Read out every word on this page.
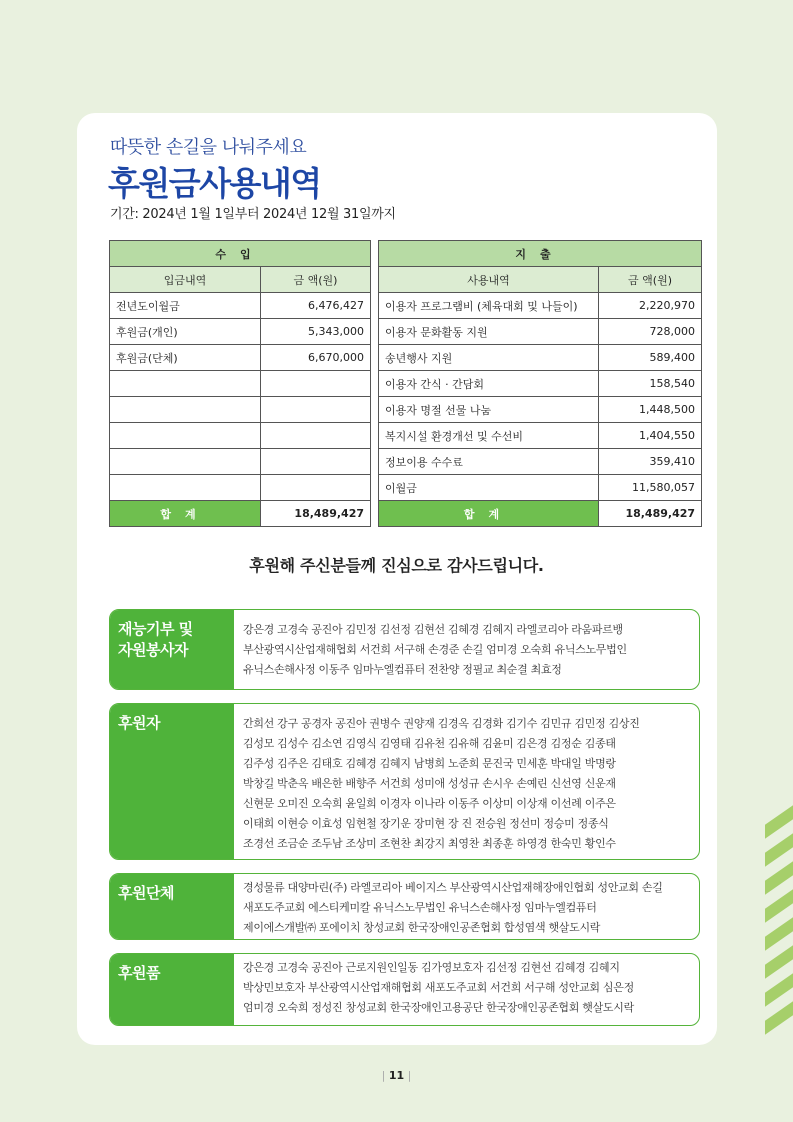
따뜻한 손길을 나눠주세요
후원금사용내역
기간: 2024년 1월 1일부터 2024년 12월 31일까지
수입			지출	
입금내역	금 액(원)		사용내역	금 액(원)
전년도이월금	6,476,427		이용자 프로그램비 (체육대회 및 나들이)	2,220,970
후원금(개인)	5,343,000		이용자 문화활동 지원	728,000
후원금(단체)	6,670,000		송년행사 지원	589,400
			이용자 간식 · 간담회	158,540
			이용자 명절 선물 나눔	1,448,500
			복지시설 환경개선 및 수선비	1,404,550
			정보이용 수수료	359,410
			이월금	11,580,057
합계	18,489,427		합계	18,489,427
후원해 주신분들께 진심으로 감사드립니다.
재능기부 및
자원봉사자
강은경 고경숙 공진아 김민정 김선정 김현선 김혜경 김혜지 라엘코리아 라움파르뱅
부산광역시산업재해협회 서건희 서구해 손경준 손길 엄미경 오숙희 유닉스노무법인
유닉스손해사정 이동주 임마누엘컴퓨터 전찬양 정필교 최순결 최효정
후원자	간희선 강구 공경자 공진아 권병수 권양재 김경옥 김경화 김기수 김민규 김민정 김상진
김성모 김성수 김소연 김영식 김영태 김유천 김유해 김윤미 김은경 김정순 김종태
김주성 김주은 김태호 김혜경 김혜지 남병희 노준희 문진국 민세훈 박대일 박명랑
박창길 박춘옥 배은한 배향주 서건희 성미애 성성규 손시우 손예린 신선영 신운재
신현문 오미진 오숙희 윤일희 이경자 이나라 이동주 이상미 이상재 이선례 이주은
이태희 이현승 이효성 임현철 장기운 장미현 장 진 전승원 정선미 정승미 정종식
조경선 조금순 조두남 조상미 조현찬 최강지 최영찬 최종훈 하영경 한숙민 황인수
후원단체	경성물류 대양마린(주) 라엘코리아 베이지스 부산광역시산업재해장애인협회 성안교회 손길
새포도주교회 에스티케미칼 유닉스노무법인 유닉스손해사정 임마누엘컴퓨터
제이에스개발㈜ 포에이치 창성교회 한국장애인공존협회 합성염색 햇살도시락
후원품	강은경 고경숙 공진아 근로지원인일동 김가영보호자 김선정 김현선 김혜경 김혜지
박상민보호자 부산광역시산업재해협회 새포도주교회 서건희 서구해 성안교회 심은정
엄미경 오숙희 정성진 창성교회 한국장애인고용공단 한국장애인공존협회 햇살도시락
| 11 |
